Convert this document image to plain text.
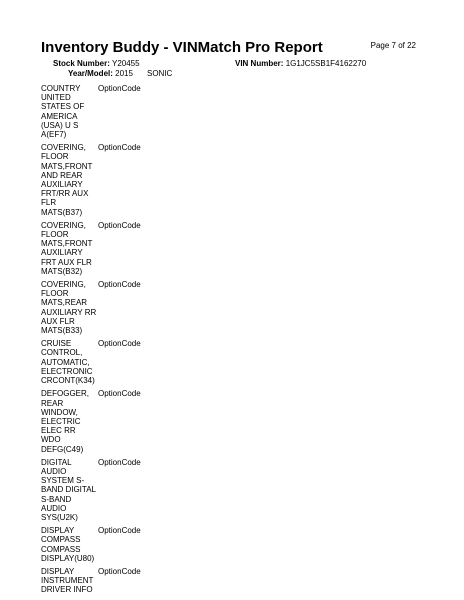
Inventory Buddy - VINMatch Pro Report	Page 7 of 22
Stock Number: Y20455	VIN Number: 1G1JC5SB1F4162270
Year/Model: 2015 SONIC
COUNTRY
UNITED
STATES OF
AMERICA
(USA) U S
A(EF7)
OptionCode
COVERING,
FLOOR
MATS,FRONT
AND REAR
AUXILIARY
FRT/RR AUX
FLR
MATS(B37)
OptionCode
COVERING,
FLOOR
MATS,FRONT
AUXILIARY
FRT AUX FLR
MATS(B32)
OptionCode
COVERING,
FLOOR
MATS,REAR
AUXILIARY RR
AUX FLR
MATS(B33)
OptionCode
CRUISE
CONTROL,
AUTOMATIC,
ELECTRONIC
CRCONT(K34)
OptionCode
DEFOGGER,
REAR
WINDOW,
ELECTRIC
ELEC RR
WDO
DEFG(C49)
OptionCode
DIGITAL
AUDIO
SYSTEM S-
BAND DIGITAL
S-BAND
AUDIO
SYS(U2K)
OptionCode
DISPLAY
COMPASS
COMPASS
DISPLAY(U80)
OptionCode
DISPLAY
INSTRUMENT
DRIVER INFO
OptionCode
